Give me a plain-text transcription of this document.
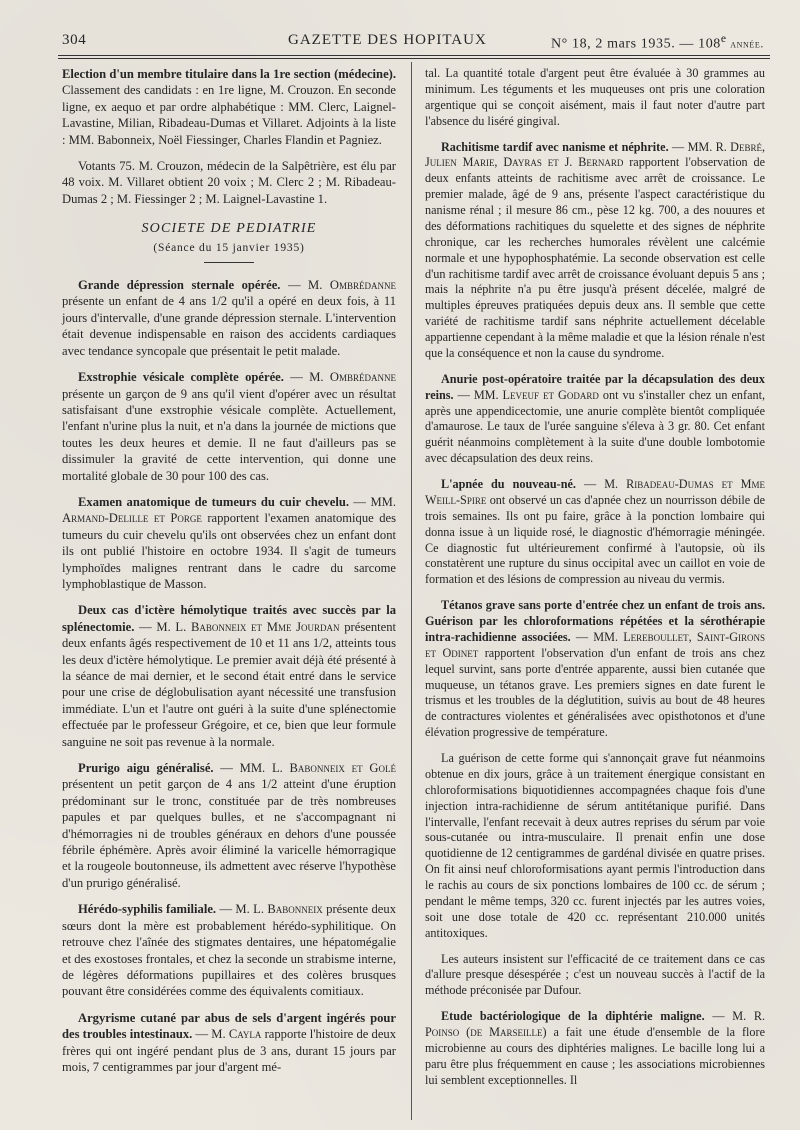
304	GAZETTE DES HOPITAUX	N° 18, 2 mars 1935. — 108e année.

Election d'un membre titulaire dans la 1re section (médecine). Classement des candidats : en 1re ligne, M. Crouzon. En seconde ligne, ex aequo et par ordre alphabétique : MM. Clerc, Laignel-Lavastine, Milian, Ribadeau-Dumas et Villaret. Adjoints à la liste : MM. Babonneix, Noël Fiessinger, Charles Flandin et Pagniez.

Votants 75. M. Crouzon, médecin de la Salpêtrière, est élu par 48 voix. M. Villaret obtient 20 voix ; M. Clerc 2 ; M. Ribadeau-Dumas 2 ; M. Fiessinger 2 ; M. Laignel-Lavastine 1.

SOCIETE DE PEDIATRIE
(Séance du 15 janvier 1935)

Grande dépression sternale opérée. — M. Ombrédanne présente un enfant de 4 ans 1/2 qu'il a opéré en deux fois, à 11 jours d'intervalle, d'une grande dépression sternale. L'intervention était devenue indispensable en raison des accidents cardiaques avec tendance syncopale que présentait le petit malade.

Exstrophie vésicale complète opérée. — M. Ombrédanne présente un garçon de 9 ans qu'il vient d'opérer avec un résultat satisfaisant d'une exstrophie vésicale complète. Actuellement, l'enfant n'urine plus la nuit, et n'a dans la journée de mictions que toutes les deux heures et demie. Il ne faut d'ailleurs pas se dissimuler la gravité de cette intervention, qui donne une mortalité globale de 30 pour 100 des cas.

Examen anatomique de tumeurs du cuir chevelu. — MM. Armand-Delille et Porge rapportent l'examen anatomique des tumeurs du cuir chevelu qu'ils ont observées chez un enfant dont ils ont publié l'histoire en octobre 1934. Il s'agit de tumeurs lymphoïdes malignes rentrant dans le cadre du sarcome lymphoblastique de Masson.

Deux cas d'ictère hémolytique traités avec succès par la splénectomie. — M. L. Babonneix et Mme Jourdan présentent deux enfants âgés respectivement de 10 et 11 ans 1/2, atteints tous les deux d'ictère hémolytique. Le premier avait déjà été présenté à la séance de mai dernier, et le second était entré dans le service pour une crise de déglobulisation ayant nécessité une transfusion immédiate. L'un et l'autre ont guéri à la suite d'une splénectomie effectuée par le professeur Grégoire, et ce, bien que leur formule sanguine ne soit pas revenue à la normale.

Prurigo aigu généralisé. — MM. L. Babonneix et Golé présentent un petit garçon de 4 ans 1/2 atteint d'une éruption prédominant sur le tronc, constituée par de très nombreuses papules et par quelques bulles, et ne s'accompagnant ni d'hémorragies ni de troubles généraux en dehors d'une poussée fébrile éphémère. Après avoir éliminé la varicelle hémorragique et la rougeole boutonneuse, ils admettent avec réserve l'hypothèse d'un prurigo généralisé.

Hérédo-syphilis familiale. — M. L. Babonneix présente deux sœurs dont la mère est probablement hérédo-syphilitique. On retrouve chez l'aînée des stigmates dentaires, une hépatomégalie et des exostoses frontales, et chez la seconde un strabisme interne, de légères déformations pupillaires et des colères brusques pouvant être considérées comme des équivalents comitiaux.

Argyrisme cutané par abus de sels d'argent ingérés pour des troubles intestinaux. — M. Cayla rapporte l'histoire de deux frères qui ont ingéré pendant plus de 3 ans, durant 15 jours par mois, 7 centigrammes par jour d'argent mé-

tal. La quantité totale d'argent peut être évaluée à 30 grammes au minimum. Les téguments et les muqueuses ont pris une coloration argentique qui se conçoit aisément, mais il faut noter d'autre part l'absence du liséré gingival.

Rachitisme tardif avec nanisme et néphrite. — MM. R. Debré, Julien Marie, Dayras et J. Bernard rapportent l'observation de deux enfants atteints de rachitisme avec arrêt de croissance. Le premier malade, âgé de 9 ans, présente l'aspect caractéristique du nanisme rénal ; il mesure 86 cm., pèse 12 kg. 700, a des nouures et des déformations rachitiques du squelette et des signes de néphrite chronique, car les recherches humorales révèlent une calcémie normale et une hypophosphatémie. La seconde observation est celle d'un rachitisme tardif avec arrêt de croissance évoluant depuis 5 ans ; mais la néphrite n'a pu être jusqu'à présent décelée, malgré de multiples épreuves pratiquées depuis deux ans. Il semble que cette variété de rachitisme tardif sans néphrite actuellement décelable appartienne cependant à la même maladie et que la lésion rénale n'est que la conséquence et non la cause du syndrome.

Anurie post-opératoire traitée par la décapsulation des deux reins. — MM. Leveuf et Godard ont vu s'installer chez un enfant, après une appendicectomie, une anurie complète bientôt compliquée d'amaurose. Le taux de l'urée sanguine s'éleva à 3 gr. 80. Cet enfant guérit néanmoins complètement à la suite d'une double lombotomie avec décapsulation des deux reins.

L'apnée du nouveau-né. — M. Ribadeau-Dumas et Mme Weill-Spire ont observé un cas d'apnée chez un nourrisson débile de trois semaines. Ils ont pu faire, grâce à la ponction lombaire qui donna issue à un liquide rosé, le diagnostic d'hémorragie méningée. Ce diagnostic fut ultérieurement confirmé à l'autopsie, où ils constatèrent une rupture du sinus occipital avec un caillot en voie de formation et des lésions de compression au niveau du vermis.

Tétanos grave sans porte d'entrée chez un enfant de trois ans. Guérison par les chloroformations répétées et la sérothérapie intra-rachidienne associées. — MM. Lereboullet, Saint-Girons et Odinet rapportent l'observation d'un enfant de trois ans chez lequel survint, sans porte d'entrée apparente, aussi bien cutanée que muqueuse, un tétanos grave. Les premiers signes en date furent le trismus et les troubles de la déglutition, suivis au bout de 48 heures de contractures violentes et généralisées avec opisthotonos et d'une élévation progressive de température.

La guérison de cette forme qui s'annonçait grave fut néanmoins obtenue en dix jours, grâce à un traitement énergique consistant en chloroformisations biquotidiennes accompagnées chaque fois d'une injection intra-rachidienne de sérum antitétanique purifié. Dans l'intervalle, l'enfant recevait à deux autres reprises du sérum par voie sous-cutanée ou intra-musculaire. Il prenait enfin une dose quotidienne de 12 centigrammes de gardénal divisée en quatre prises. On fit ainsi neuf chloroformisations ayant permis l'introduction dans le rachis au cours de six ponctions lombaires de 100 cc. de sérum ; pendant le même temps, 320 cc. furent injectés par les autres voies, soit une dose totale de 420 cc. représentant 210.000 unités antitoxiques.

Les auteurs insistent sur l'efficacité de ce traitement dans ce cas d'allure presque désespérée ; c'est un nouveau succès à l'actif de la méthode préconisée par Dufour.

Etude bactériologique de la diphtérie maligne. — M. R. Poinso (de Marseille) a fait une étude d'ensemble de la flore microbienne au cours des diphtéries malignes. Le bacille long lui a paru être plus fréquemment en cause ; les associations microbiennes lui semblent exceptionnelles. Il
